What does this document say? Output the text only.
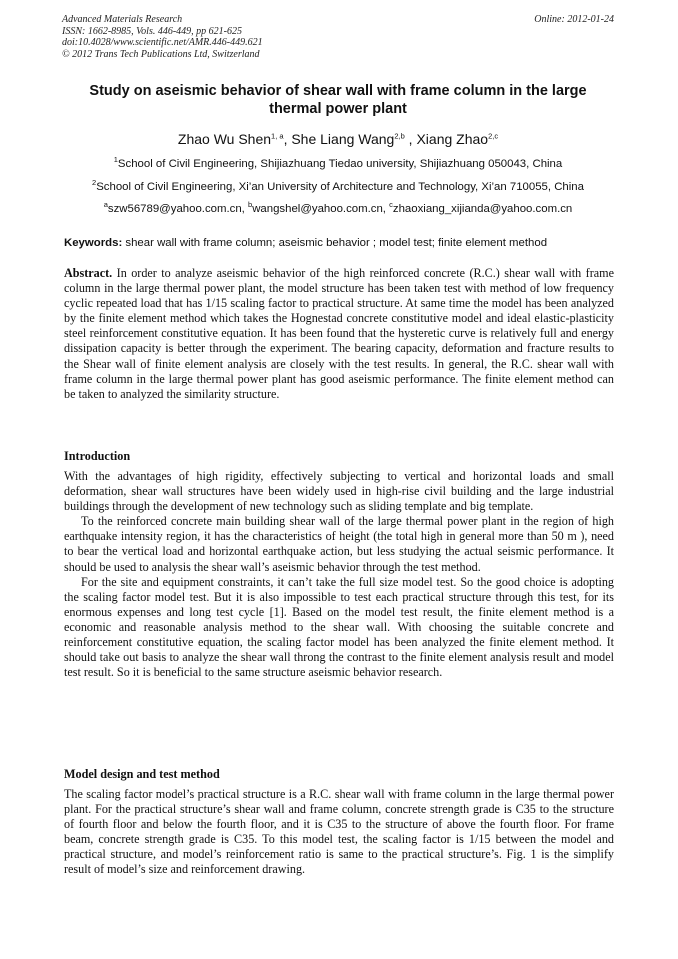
Advanced Materials Research
ISSN: 1662-8985, Vols. 446-449, pp 621-625
doi:10.4028/www.scientific.net/AMR.446-449.621
© 2012 Trans Tech Publications Ltd, Switzerland
Online: 2012-01-24
Study on aseismic behavior of shear wall with frame column in the large thermal power plant
Zhao Wu Shen$^{1, a}$, She Liang Wang$^{2,b}$ , Xiang Zhao$^{2,c}$
$^1$School of Civil Engineering, Shijiazhuang Tiedao university, Shijiazhuang 050043, China
$^2$School of Civil Engineering, Xi’an University of Architecture and Technology, Xi’an 710055, China
$^a$szw56789@yahoo.com.cn, $^b$wangshel@yahoo.com.cn, $^c$zhaoxiang_xijianda@yahoo.com.cn
Keywords: shear wall with frame column; aseismic behavior ; model test; finite element method

Abstract. In order to analyze aseismic behavior of the high reinforced concrete (R.C.) shear wall with frame column in the large thermal power plant, the model structure has been taken test with method of low frequency cyclic repeated load that has 1/15 scaling factor to practical structure. At same time the model has been analyzed by the finite element method which takes the Hognestad concrete constitutive model and ideal elastic-plasticity steel reinforcement constitutive equation. It has been found that the hysteretic curve is relatively full and energy dissipation capacity is better through the experiment. The bearing capacity, deformation and fracture results to the Shear wall of finite element analysis are closely with the test results. In general, the R.C. shear wall with frame column in the large thermal power plant has good aseismic performance. The finite element method can be taken to analyzed the similarity structure.

Introduction

With the advantages of high rigidity, effectively subjecting to vertical and horizontal loads and small deformation, shear wall structures have been widely used in high-rise civil building and the large industrial buildings through the development of new technology such as sliding template and big template.

To the reinforced concrete main building shear wall of the large thermal power plant in the region of high earthquake intensity region, it has the characteristics of height (the total high in general more than 50 m ), need to bear the vertical load and horizontal earthquake action, but less studying the actual seismic performance. It should be used to analysis the shear wall’s aseismic behavior through the test method.

For the site and equipment constraints, it can’t take the full size model test. So the good choice is adopting the scaling factor model test. But it is also impossible to test each practical structure through this test, for its enormous expenses and long test cycle [1]. Based on the model test result, the finite element method is a economic and reasonable analysis method to the shear wall. With choosing the suitable concrete and reinforcement constitutive equation, the scaling factor model has been analyzed the finite element method. It should take out basis to analyze the shear wall throng the contrast to the finite element analysis result and model test result. So it is beneficial to the same structure aseismic behavior research.

Model design and test method

The scaling factor model’s practical structure is a R.C. shear wall with frame column in the large thermal power plant. For the practical structure’s shear wall and frame column, concrete strength grade is C35 to the structure of fourth floor and below the fourth floor, and it is C35 to the structure of above the fourth floor. For frame beam, concrete strength grade is C35. To this model test, the scaling factor is 1/15 between the model and practical structure, and model’s reinforcement ratio is same to the practical structure’s. Fig. 1 is the simplify result of model’s size and reinforcement drawing.
